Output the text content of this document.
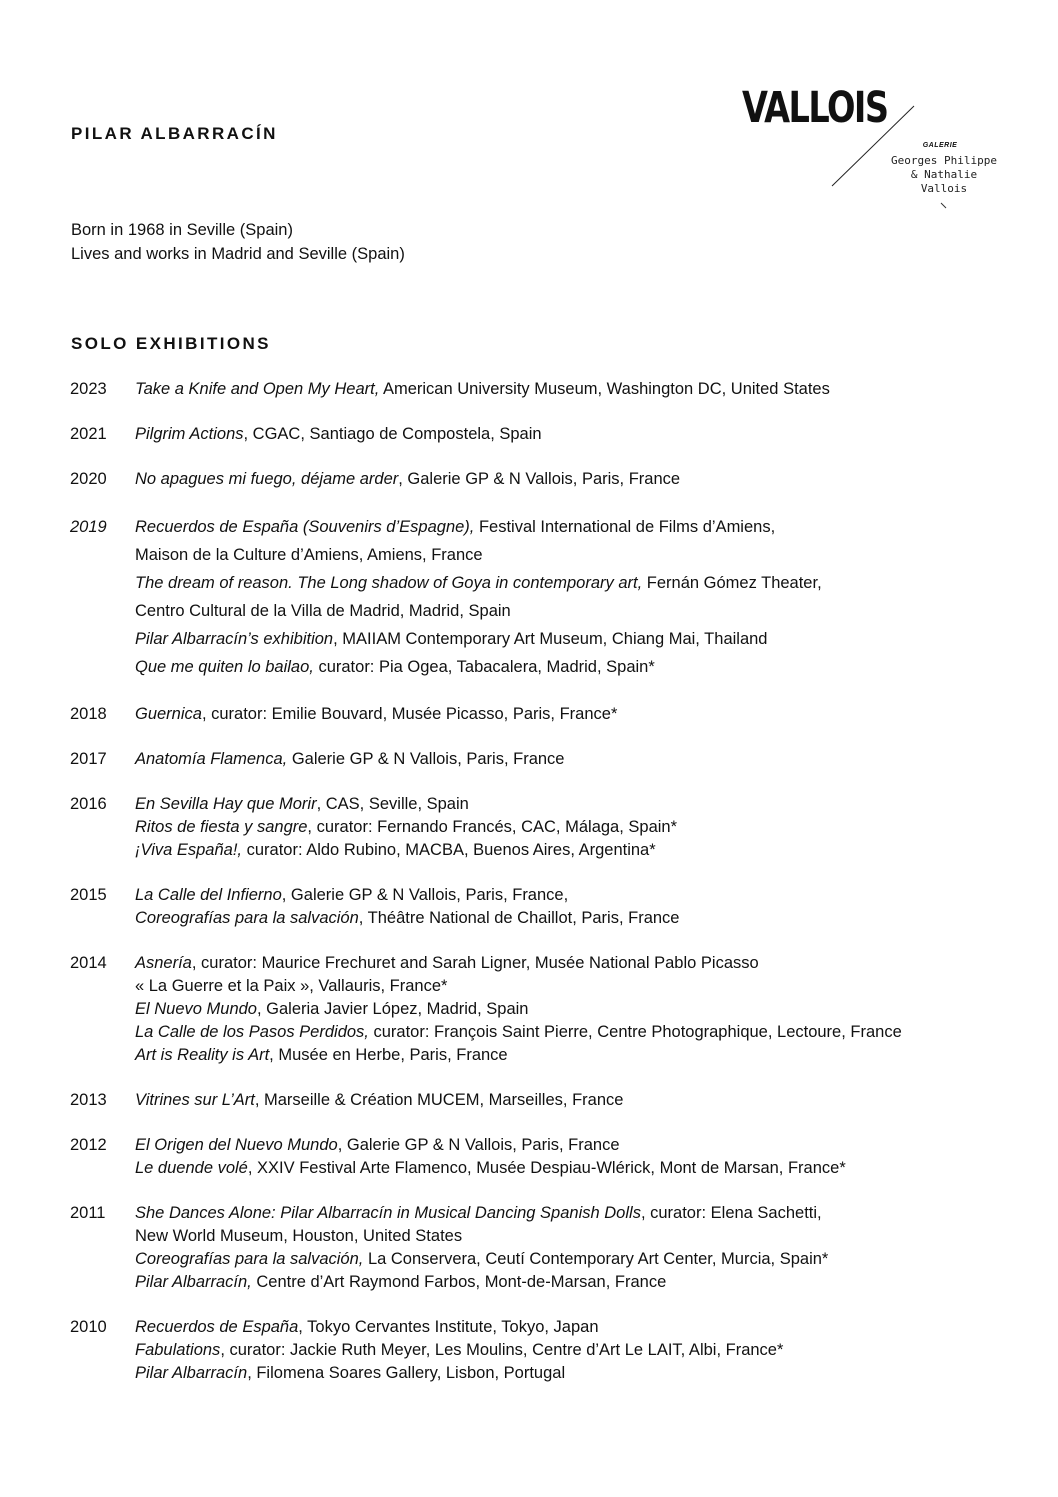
PILAR ALBARRACÍN
VALLOIS
GALERIE
Georges Philippe
& Nathalie
Vallois
Born in 1968 in Seville (Spain)
Lives and works in Madrid and Seville (Spain)
SOLO EXHIBITIONS
2023	Take a Knife and Open My Heart, American University Museum, Washington DC, United States
2021	Pilgrim Actions, CGAC, Santiago de Compostela, Spain
2020	No apagues mi fuego, déjame arder, Galerie GP & N Vallois, Paris, France
2019	Recuerdos de España (Souvenirs d’Espagne), Festival International de Films d’Amiens,
Maison de la Culture d’Amiens, Amiens, France
The dream of reason. The Long shadow of Goya in contemporary art, Fernán Gómez Theater,
Centro Cultural de la Villa de Madrid, Madrid, Spain
Pilar Albarracín’s exhibition, MAIIAM Contemporary Art Museum, Chiang Mai, Thailand
Que me quiten lo bailao, curator: Pia Ogea, Tabacalera, Madrid, Spain*
2018	Guernica, curator: Emilie Bouvard, Musée Picasso, Paris, France*
2017	Anatomía Flamenca, Galerie GP & N Vallois, Paris, France
2016	En Sevilla Hay que Morir, CAS, Seville, Spain
Ritos de fiesta y sangre, curator: Fernando Francés, CAC, Málaga, Spain*
¡Viva España!, curator: Aldo Rubino, MACBA, Buenos Aires, Argentina*
2015	La Calle del Infierno, Galerie GP & N Vallois, Paris, France,
Coreografías para la salvación, Théâtre National de Chaillot, Paris, France
2014	Asnería, curator: Maurice Frechuret and Sarah Ligner, Musée National Pablo Picasso
« La Guerre et la Paix », Vallauris, France*
El Nuevo Mundo, Galeria Javier López, Madrid, Spain
La Calle de los Pasos Perdidos, curator: François Saint Pierre, Centre Photographique, Lectoure, France
Art is Reality is Art, Musée en Herbe, Paris, France
2013	Vitrines sur L’Art, Marseille & Création MUCEM, Marseilles, France
2012	El Origen del Nuevo Mundo, Galerie GP & N Vallois, Paris, France
Le duende volé, XXIV Festival Arte Flamenco, Musée Despiau-Wlérick, Mont de Marsan, France*
2011	She Dances Alone: Pilar Albarracín in Musical Dancing Spanish Dolls, curator: Elena Sachetti,
New World Museum, Houston, United States
Coreografías para la salvación, La Conservera, Ceutí Contemporary Art Center, Murcia, Spain*
Pilar Albarracín, Centre d’Art Raymond Farbos, Mont-de-Marsan, France
2010	Recuerdos de España, Tokyo Cervantes Institute, Tokyo, Japan
Fabulations, curator: Jackie Ruth Meyer, Les Moulins, Centre d’Art Le LAIT, Albi, France*
Pilar Albarracín, Filomena Soares Gallery, Lisbon, Portugal
